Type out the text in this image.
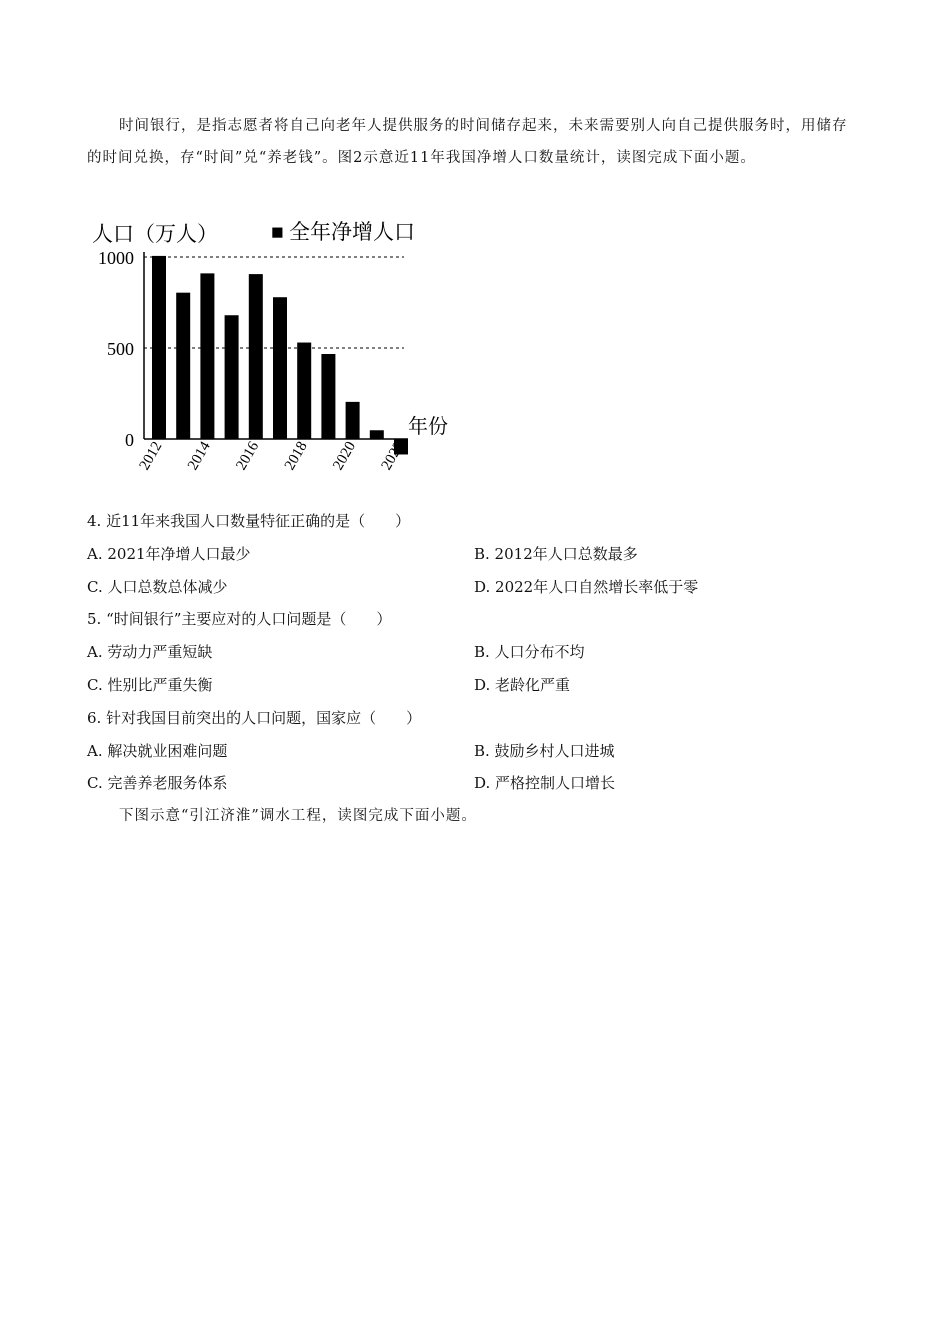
时间银行，是指志愿者将自己向老年人提供服务的时间储存起来，未来需要别人向自己提供服务时，用储存的时间兑换，存“时间”兑“养老钱”。图2示意近11年我国净增人口数量统计，读图完成下面小题。
人口（万人）	■ 全年净增人口
0
500
1000
年份
2012 2014 2016 2018 2020 2022
4. 近11年来我国人口数量特征正确的是（　　）
A. 2021年净增人口最少	B. 2012年人口总数最多
C. 人口总数总体减少	D. 2022年人口自然增长率低于零
5. “时间银行”主要应对的人口问题是（　　）
A. 劳动力严重短缺	B. 人口分布不均
C. 性别比严重失衡	D. 老龄化严重
6. 针对我国目前突出的人口问题，国家应（　　）
A. 解决就业困难问题	B. 鼓励乡村人口进城
C. 完善养老服务体系	D. 严格控制人口增长
下图示意“引江济淮”调水工程，读图完成下面小题。
